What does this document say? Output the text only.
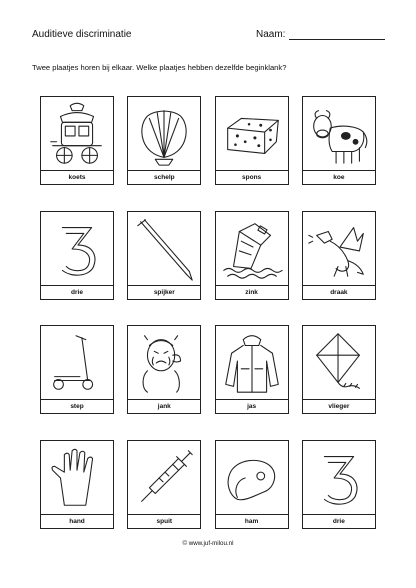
Auditieve discriminatie	Naam:
Twee plaatjes horen bij elkaar. Welke plaatjes hebben dezelfde beginklank?
koets	schelp	spons	koe
drie	spijker	zink	draak
step	jank	jas	vlieger
hand	spuit	ham	drie
© www.juf-milou.nl
